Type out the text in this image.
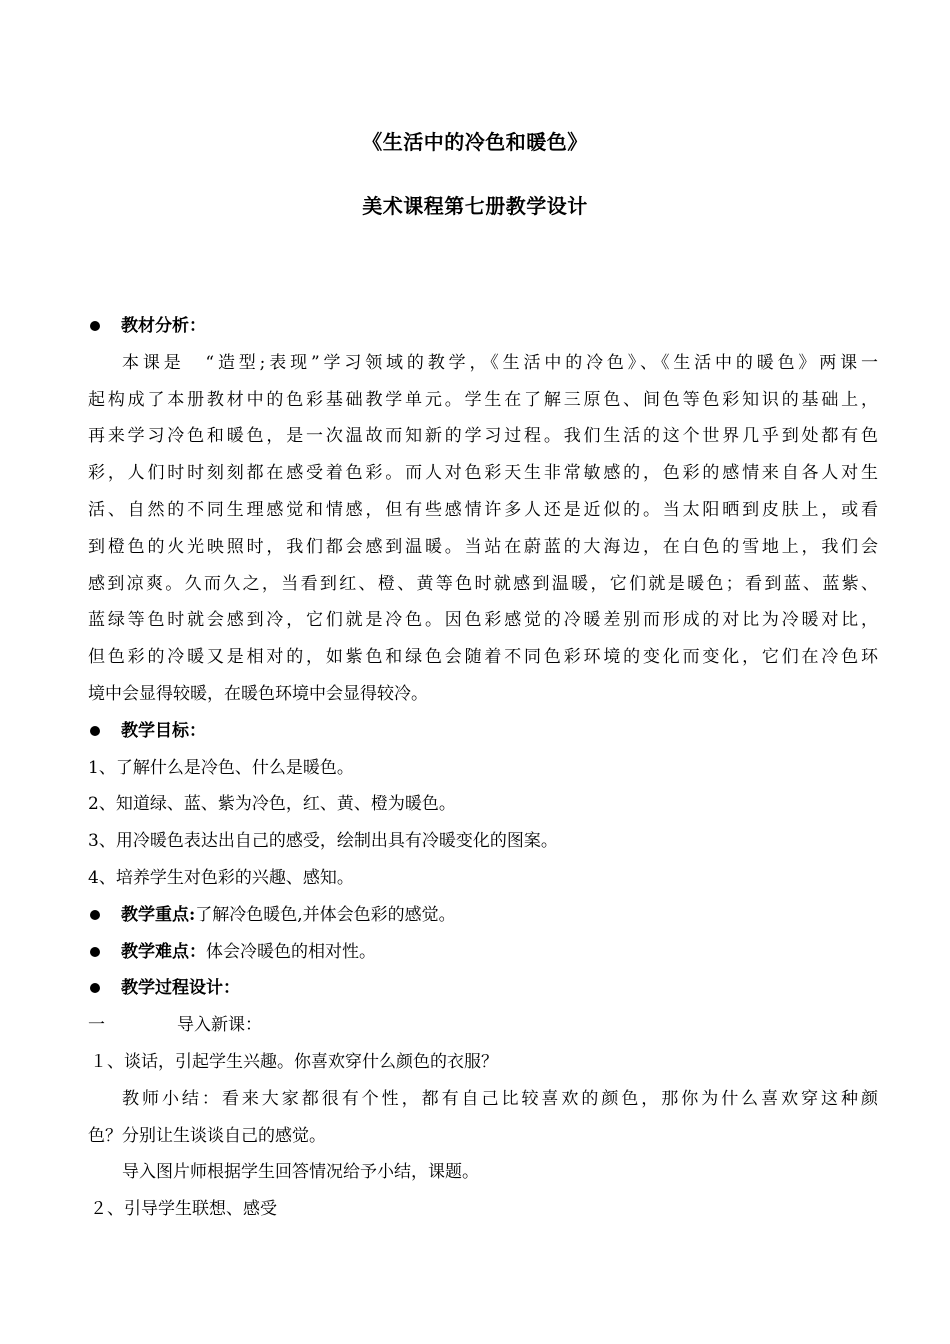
《生活中的冷色和暖色》
美术课程第七册教学设计
教材分析：
本课是　“造型;表现”学习领域的教学，《生活中的冷色》、《生活中的暖色》两课一
起构成了本册教材中的色彩基础教学单元。学生在了解三原色、间色等色彩知识的基础上，
再来学习冷色和暖色，是一次温故而知新的学习过程。我们生活的这个世界几乎到处都有色
彩，人们时时刻刻都在感受着色彩。而人对色彩天生非常敏感的，色彩的感情来自各人对生
活、自然的不同生理感觉和情感，但有些感情许多人还是近似的。当太阳晒到皮肤上，或看
到橙色的火光映照时，我们都会感到温暖。当站在蔚蓝的大海边，在白色的雪地上，我们会
感到凉爽。久而久之，当看到红、橙、黄等色时就感到温暖，它们就是暖色；看到蓝、蓝紫、
蓝绿等色时就会感到冷，它们就是冷色。因色彩感觉的冷暖差别而形成的对比为冷暖对比，
但色彩的冷暖又是相对的，如紫色和绿色会随着不同色彩环境的变化而变化，它们在冷色环
境中会显得较暖，在暖色环境中会显得较冷。
教学目标：
1、了解什么是冷色、什么是暖色。
2、知道绿、蓝、紫为冷色，红、黄、橙为暖色。
3、用冷暖色表达出自己的感受，绘制出具有冷暖变化的图案。
4、培养学生对色彩的兴趣、感知。
教学重点:了解冷色暖色,并体会色彩的感觉。
教学难点：体会冷暖色的相对性。
教学过程设计：
一	导入新课：
１、谈话，引起学生兴趣。你喜欢穿什么颜色的衣服？
教师小结：看来大家都很有个性，都有自己比较喜欢的颜色，那你为什么喜欢穿这种颜
色？分别让生谈谈自己的感觉。
导入图片师根据学生回答情况给予小结，课题。
２、引导学生联想、感受
